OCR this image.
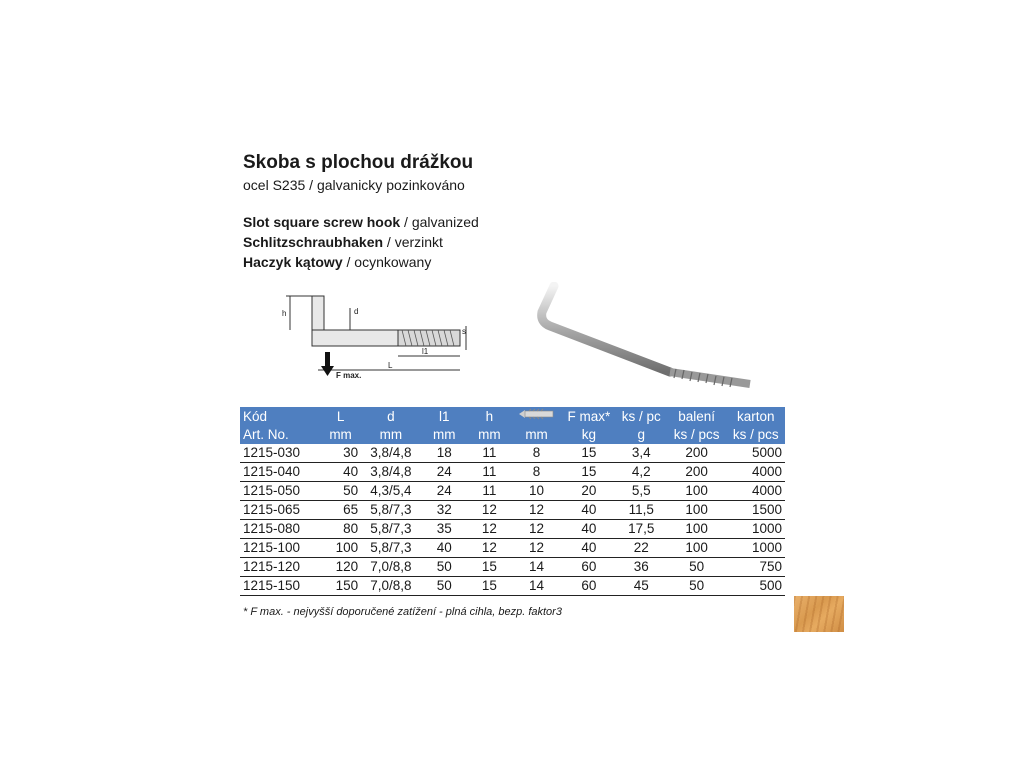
Skoba s plochou drážkou
ocel S235 / galvanicky pozinkováno
Slot square screw hook / galvanized
Schlitzschraubhaken / verzinkt
Haczyk kątowy / ocynkowany
h	d
s
l1
L
F max.
Kód	L	d	l1	h		F max*	ks / pc	balení	karton
Art. No.	mm	mm	mm	mm	mm	kg	g	ks / pcs	ks / pcs
1215-030	30	3,8/4,8	18	11	8	15	3,4	200	5000
1215-040	40	3,8/4,8	24	11	8	15	4,2	200	4000
1215-050	50	4,3/5,4	24	11	10	20	5,5	100	4000
1215-065	65	5,8/7,3	32	12	12	40	11,5	100	1500
1215-080	80	5,8/7,3	35	12	12	40	17,5	100	1000
1215-100	100	5,8/7,3	40	12	12	40	22	100	1000
1215-120	120	7,0/8,8	50	15	14	60	36	50	750
1215-150	150	7,0/8,8	50	15	14	60	45	50	500
* F max. - nejvyšší doporučené zatížení - plná cihla, bezp. faktor3
